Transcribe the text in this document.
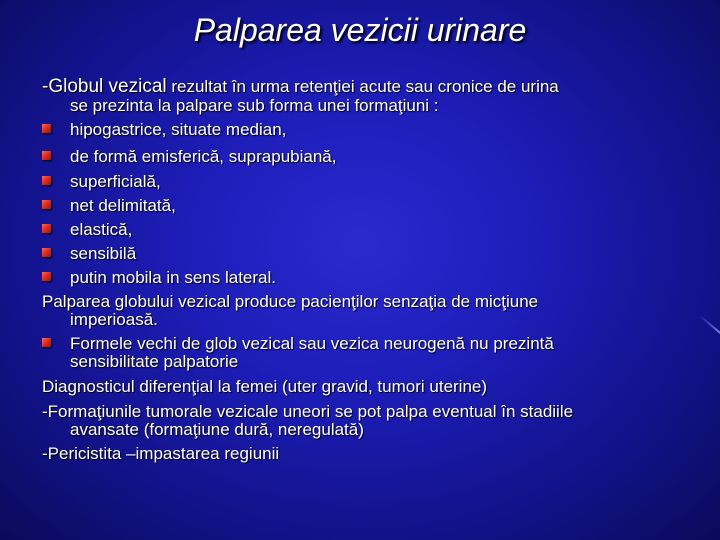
Palparea vezicii urinare
-Globul vezical rezultat în urma retenţiei acute sau cronice de urina
se prezinta la palpare sub forma unei formaţiuni :
hipogastrice, situate median,
de formă emisferică, suprapubiană,
superficială,
net delimitată,
elastică,
sensibilă
putin mobila in sens lateral.
Palparea globului vezical produce pacienţilor senzaţia de micţiune
imperioasă.
Formele vechi de glob vezical sau vezica neurogenă nu prezintă
sensibilitate palpatorie
Diagnosticul diferenţial la femei (uter gravid, tumori uterine)
-Formaţiunile tumorale vezicale uneori se pot palpa eventual în stadiile
avansate (formaţiune dură, neregulată)
-Pericistita –impastarea regiunii
